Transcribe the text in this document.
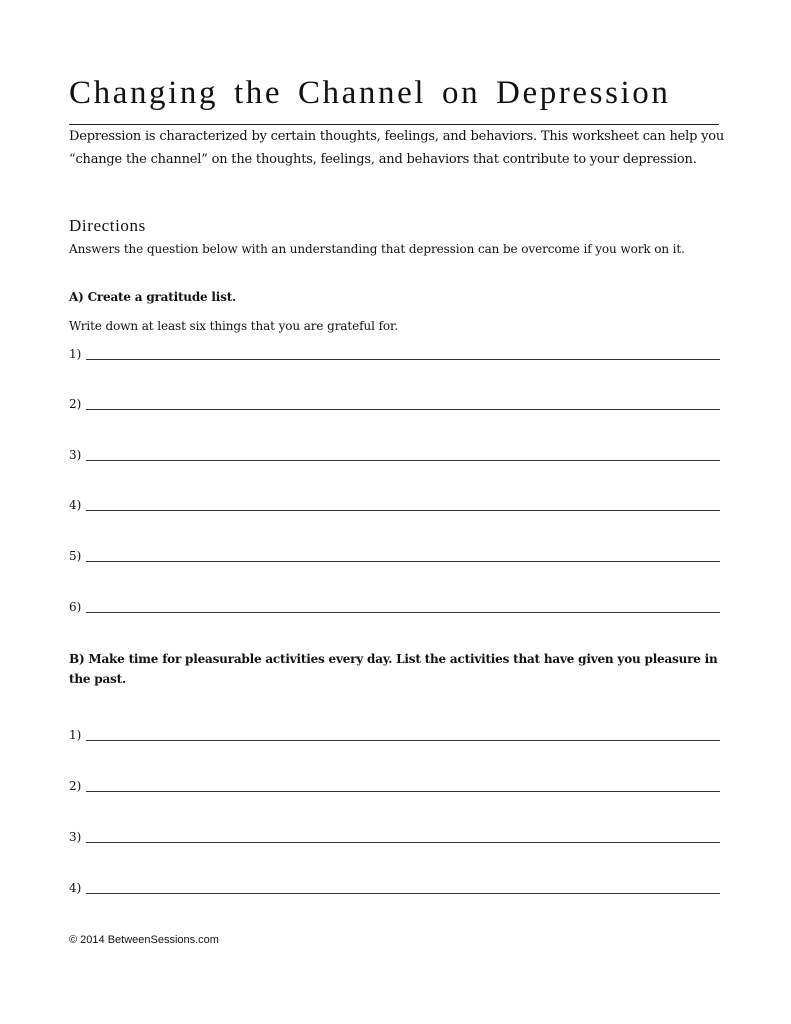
Changing the Channel on Depression
Depression is characterized by certain thoughts, feelings, and behaviors. This worksheet can help you “change the channel” on the thoughts, feelings, and behaviors that contribute to your depression.
Directions
Answers the question below with an understanding that depression can be overcome if you work on it.
A) Create a gratitude list.
Write down at least six things that you are grateful for.
1)
2)
3)
4)
5)
6)
B) Make time for pleasurable activities every day. List the activities that have given you pleasure in the past.
1)
2)
3)
4)
© 2014 BetweenSessions.com
